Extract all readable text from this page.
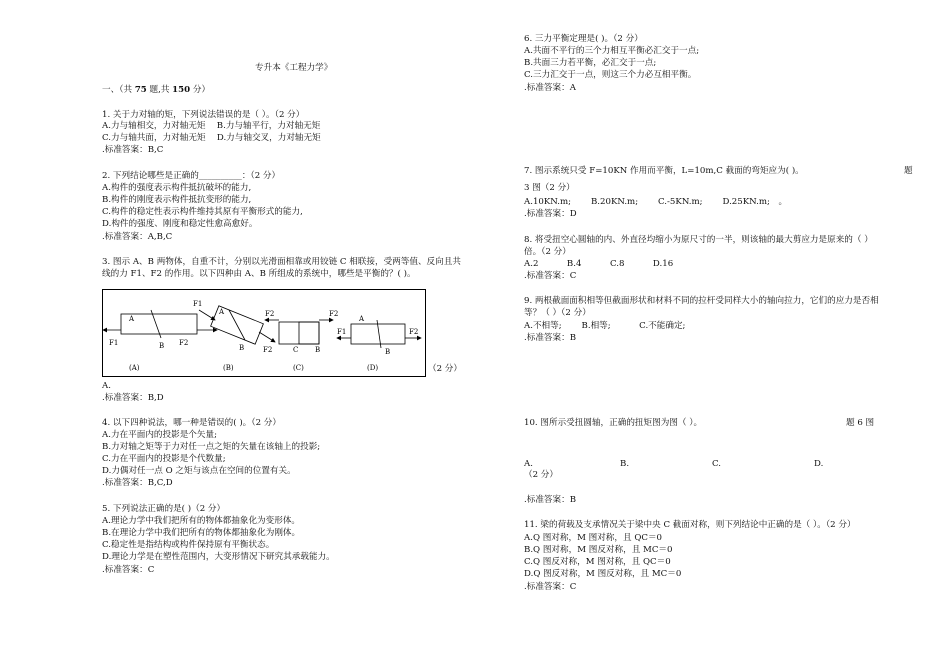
专升本《工程力学》
一、（共 75 题,共 150 分）
1. 关于力对轴的矩，下列说法错误的是（ ）。（2 分）
A.力与轴相交，力对轴无矩　 B.力与轴平行，力对轴无矩
C.力与轴共面，力对轴无矩　 D.力与轴交叉，力对轴无矩
.标准答案：B,C
2. 下列结论哪些是正确的__________：（2 分）
A.构件的强度表示构件抵抗破坏的能力,
B.构件的刚度表示构件抵抗变形的能力,
C.构件的稳定性表示构件维持其原有平衡形式的能力,
D.构件的强度、刚度和稳定性愈高愈好。
.标准答案：A,B,C
3. 图示 A、B 两物体，自重不计，分别以光滑面相靠或用铰链 C 相联接，受两等值、反向且共
线的力 F1、F2 的作用。以下四种由 A、B 所组成的系统中，哪些是平衡的？( )。
A
B
F1	F2
(A)
F1
A
B	F2
(B)
F2	F2
C B
(C)
A
B
F1	F2
(D)	（2 分）
A.
.标准答案：B,D
4. 以下四种说法，哪一种是错误的( )。（2 分）
A.力在平面内的投影是个矢量;
B.力对轴之矩等于力对任一点之矩的矢量在该轴上的投影;
C.力在平面内的投影是个代数量;
D.力偶对任一点 O 之矩与该点在空间的位置有关。
.标准答案：B,C,D
5. 下列说法正确的是( )（2 分）
A.理论力学中我们把所有的物体都抽象化为变形体。
B.在理论力学中我们把所有的物体都抽象化为刚体。
C.稳定性是指结构或构件保持原有平衡状态。
D.理论力学是在塑性范围内，大变形情况下研究其承载能力。
.标准答案：C
6. 三力平衡定理是( )。（2 分）
A.共面不平行的三个力相互平衡必汇交于一点;
B.共面三力若平衡，必汇交于一点;
C.三力汇交于一点，则这三个力必互相平衡。
.标准答案：A
7. 图示系统只受 F=10KN 作用而平衡，L=10m,C 截面的弯矩应为( )。	题
3 图（2 分）
A.10KN.m;　　 B.20KN.m;　　 C.-5KN.m;　　 D.25KN.m;　。
.标准答案：D
8. 将受扭空心圆轴的内、外直径均缩小为原尺寸的一半，则该轴的最大剪应力是原来的（ ）
倍。（2 分）
A.2　　　 B.4　　　 C.8　　　 D.16
.标准答案：C
9. 两根截面面积相等但截面形状和材料不同的拉杆受同样大小的轴向拉力，它们的应力是否相
等？（ ）（2 分）
A.不相等;　　 B.相等;　　　 C.不能确定;
.标准答案：B
10. 图所示受扭圆轴，正确的扭矩图为图（ ）。	题 6 图
A.	B.	C.	D.
（2 分）
.标准答案：B
11. 梁的荷载及支承情况关于梁中央 C 截面对称，则下列结论中正确的是（ ）。（2 分）
A.Q 图对称，M 图对称，且 QC＝0
B.Q 图对称，M 图反对称，且 MC＝0
C.Q 图反对称，M 图对称，且 QC＝0
D.Q 图反对称，M 图反对称，且 MC＝0
.标准答案：C
